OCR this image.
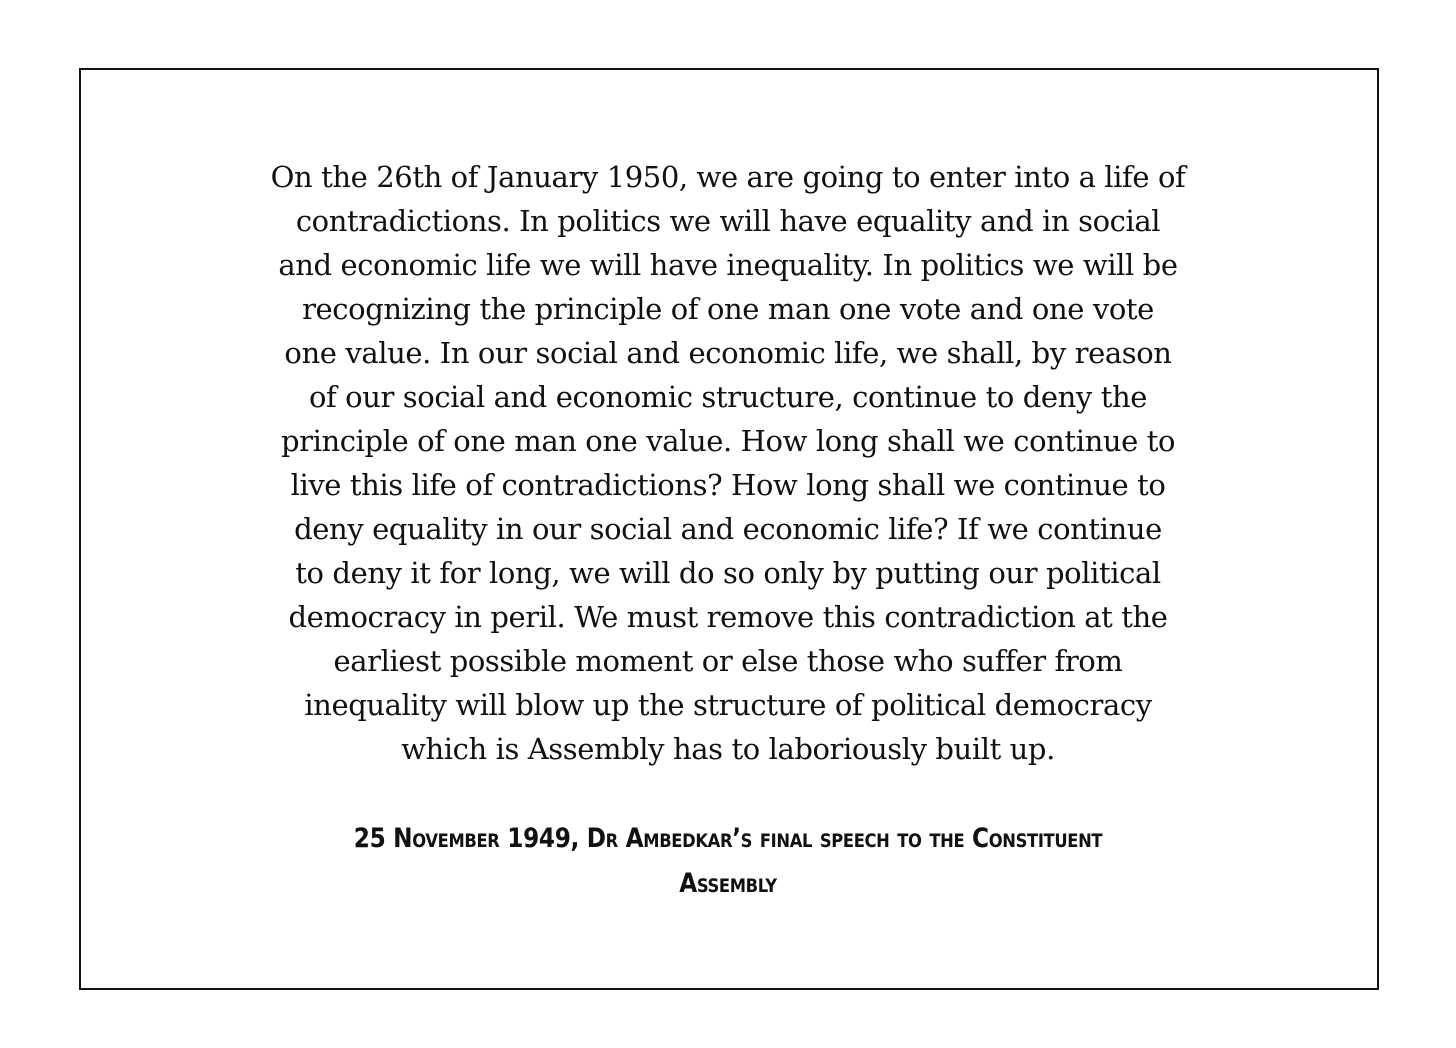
On the 26th of January 1950, we are going to enter into a life of
contradictions. In politics we will have equality and in social
and economic life we will have inequality. In politics we will be
recognizing the principle of one man one vote and one vote
one value. In our social and economic life, we shall, by reason
of our social and economic structure, continue to deny the
principle of one man one value. How long shall we continue to
live this life of contradictions? How long shall we continue to
deny equality in our social and economic life? If we continue
to deny it for long, we will do so only by putting our political
democracy in peril. We must remove this contradiction at the
earliest possible moment or else those who suffer from
inequality will blow up the structure of political democracy
which is Assembly has to laboriously built up.

25 November 1949, Dr Ambedkar’s final speech to the Constituent
Assembly
